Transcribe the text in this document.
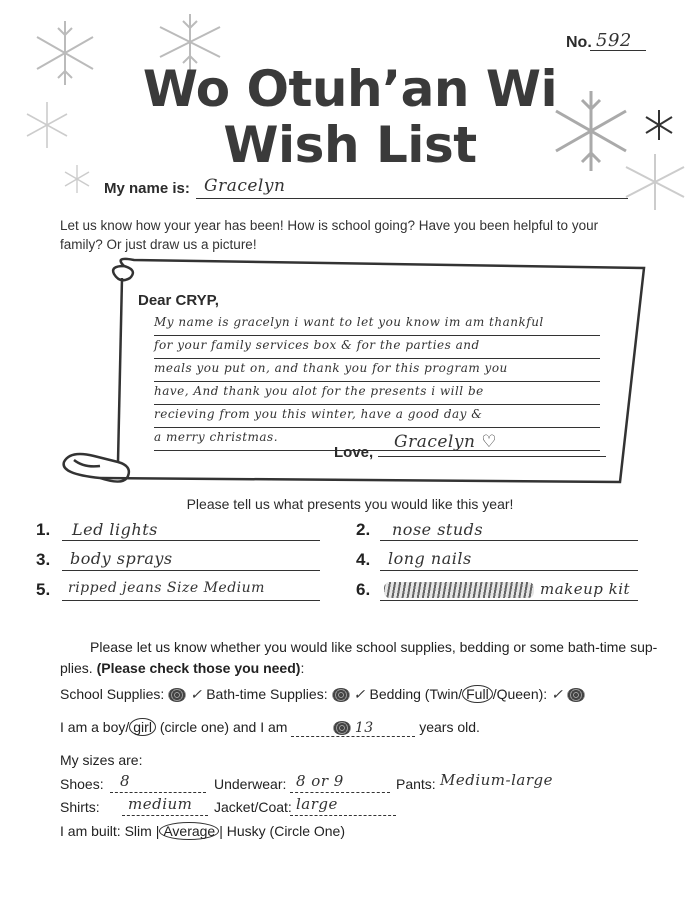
No. 592
Wo Otuh’an Wi
Wish List
My name is: Gracelyn
Let us know how your year has been! How is school going? Have you been helpful to your family? Or just draw us a picture!
Dear CRYP,
My name is gracelyn i want to let you know im am thankful
for your family services box & for the parties and
meals you put on, and thank you for this program you
have, And thank you alot for the presents i will be
recieving from you this winter, have a good day &
a merry christmas.
Love,
Gracelyn ♡
Please tell us what presents you would like this year!
1. Led lights	2. nose studs
3. body sprays	4. long nails
5. ripped jeans Size Medium	6.	makeup kit
Please let us know whether you would like school supplies, bedding or some bath-time sup-
plies. (Please check those you need):
School Supplies: ✓ Bath-time Supplies: ✓ Bedding (Twin/ Full /Queen): ✓
I am a boy/ girl (circle one) and I am	13	years old.
My sizes are:
Shoes: 8	Underwear: 8 or 9	Pants: Medium-large
Shirts: medium Jacket/Coat: large
I am built: Slim | Average | Husky (Circle One)
